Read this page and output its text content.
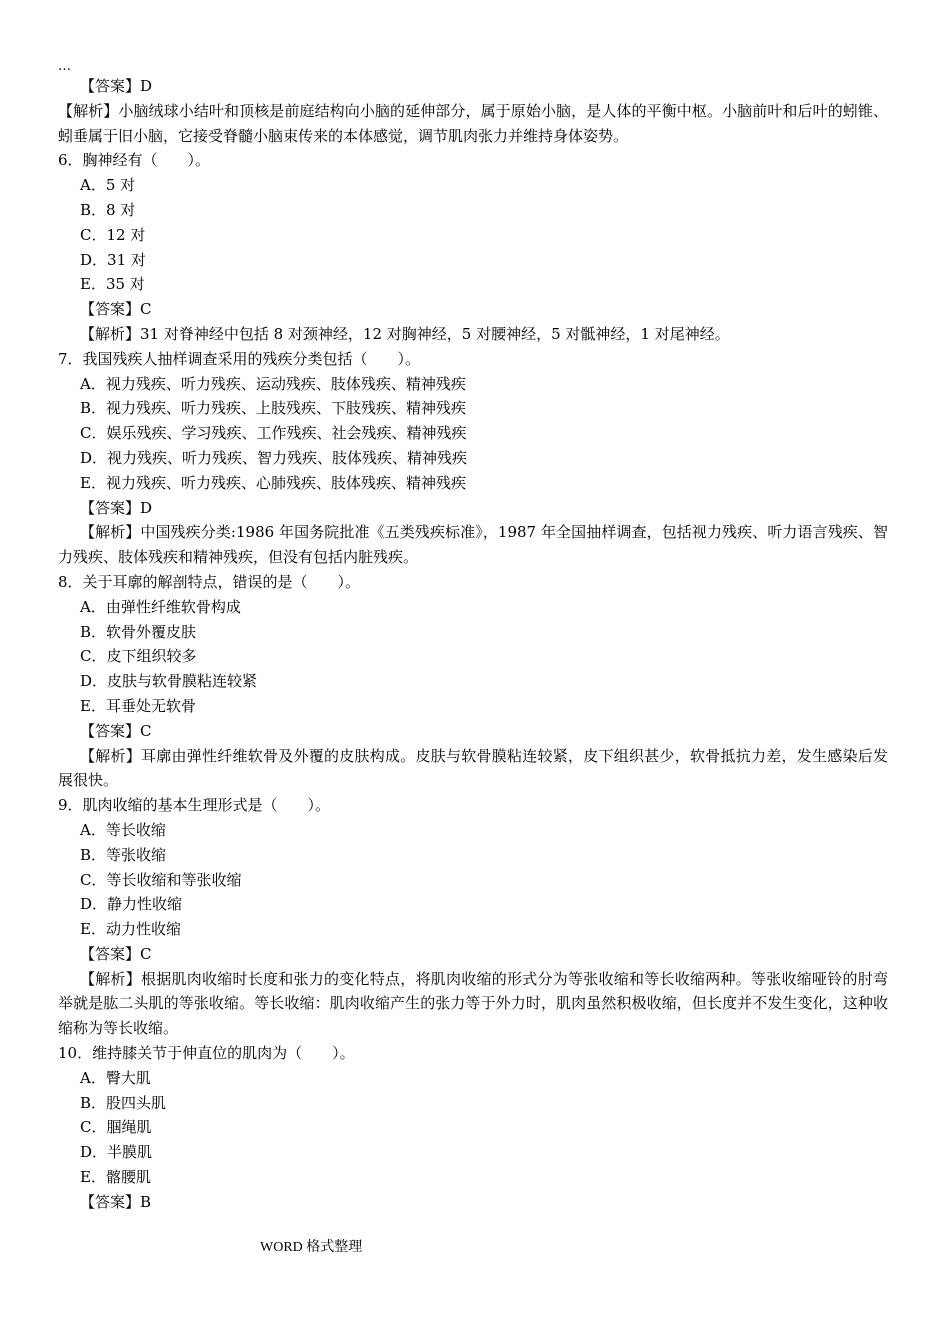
…
【答案】D
【解析】小脑绒球小结叶和顶核是前庭结构向小脑的延伸部分，属于原始小脑，是人体的平衡中枢。小脑前叶和后叶的蚓锥、蚓垂属于旧小脑，它接受脊髓小脑束传来的本体感觉，调节肌肉张力并维持身体姿势。
6．胸神经有（　　）。
A．5 对
B．8 对
C．12 对
D．31 对
E．35 对
【答案】C
【解析】31 对脊神经中包括 8 对颈神经，12 对胸神经，5 对腰神经，5 对骶神经，1 对尾神经。
7．我国残疾人抽样调查采用的残疾分类包括（　　）。
A．视力残疾、听力残疾、运动残疾、肢体残疾、精神残疾
B．视力残疾、听力残疾、上肢残疾、下肢残疾、精神残疾
C．娱乐残疾、学习残疾、工作残疾、社会残疾、精神残疾
D．视力残疾、听力残疾、智力残疾、肢体残疾、精神残疾
E．视力残疾、听力残疾、心肺残疾、肢体残疾、精神残疾
【答案】D
【解析】中国残疾分类:1986 年国务院批准《五类残疾标准》，1987 年全国抽样调查，包括视力残疾、听力语言残疾、智力残疾、肢体残疾和精神残疾，但没有包括内脏残疾。
8．关于耳廓的解剖特点，错误的是（　　）。
A．由弹性纤维软骨构成
B．软骨外覆皮肤
C．皮下组织较多
D．皮肤与软骨膜粘连较紧
E．耳垂处无软骨
【答案】C
【解析】耳廓由弹性纤维软骨及外覆的皮肤构成。皮肤与软骨膜粘连较紧，皮下组织甚少，软骨抵抗力差，发生感染后发展很快。
9．肌肉收缩的基本生理形式是（　　）。
A．等长收缩
B．等张收缩
C．等长收缩和等张收缩
D．静力性收缩
E．动力性收缩
【答案】C
【解析】根据肌肉收缩时长度和张力的变化特点，将肌肉收缩的形式分为等张收缩和等长收缩两种。等张收缩哑铃的肘弯举就是肱二头肌的等张收缩。等长收缩：肌肉收缩产生的张力等于外力时，肌肉虽然积极收缩，但长度并不发生变化，这种收缩称为等长收缩。
10．维持膝关节于伸直位的肌肉为（　　）。
A．臀大肌
B．股四头肌
C．腘绳肌
D．半膜肌
E．髂腰肌
【答案】B
WORD 格式整理
